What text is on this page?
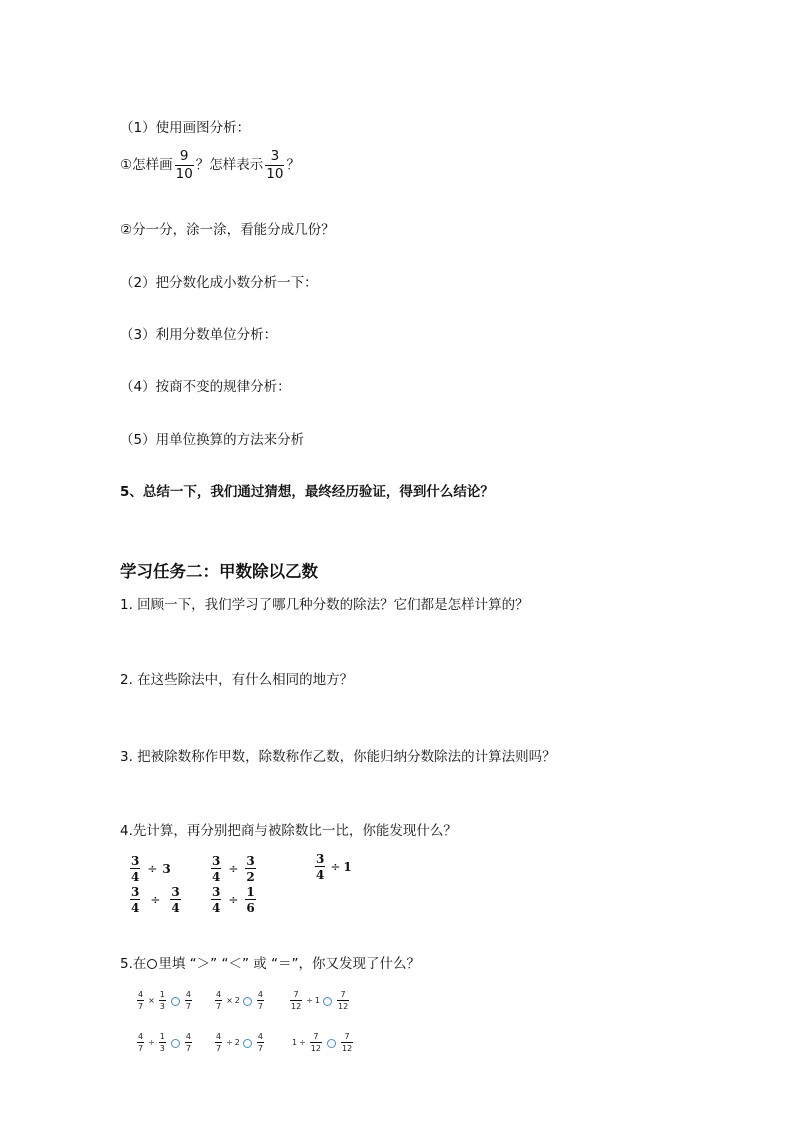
（1）使用画图分析：
①怎样画 $\frac{9}{10}$ ？怎样表示 $\frac{3}{10}$ ？
②分一分，涂一涂，看能分成几份？
（2）把分数化成小数分析一下：
（3）利用分数单位分析：
（4）按商不变的规律分析：
（5）用单位换算的方法来分析
5、总结一下，我们通过猜想，最终经历验证，得到什么结论？
学习任务二：甲数除以乙数
1. 回顾一下，我们学习了哪几种分数的除法？它们都是怎样计算的？
2. 在这些除法中，有什么相同的地方？
3. 把被除数称作甲数，除数称作乙数，你能归纳分数除法的计算法则吗？
4.先计算，再分别把商与被除数比一比，你能发现什么？
$\frac{3}{4} \div 3$	$\frac{3}{4} \div \frac{3}{2}$	$\frac{3}{4} \div 1$
$\frac{3}{4} \div \frac{3}{4}$	$\frac{3}{4} \div \frac{1}{6}$
5.在 里填 “＞” “＜” 或 “＝”，你又发现了什么？
$\frac{4}{7} \times \frac{1}{3} \frac{4}{7}$	$\frac{4}{7} \times 2 \frac{4}{7}$	$\frac{7}{12} \div 1 \frac{7}{12}$
$\frac{4}{7} \div \frac{1}{3} \frac{4}{7}$	$\frac{4}{7} \div 2 \frac{4}{7}$	$1 \div \frac{7}{12} \frac{7}{12}$
